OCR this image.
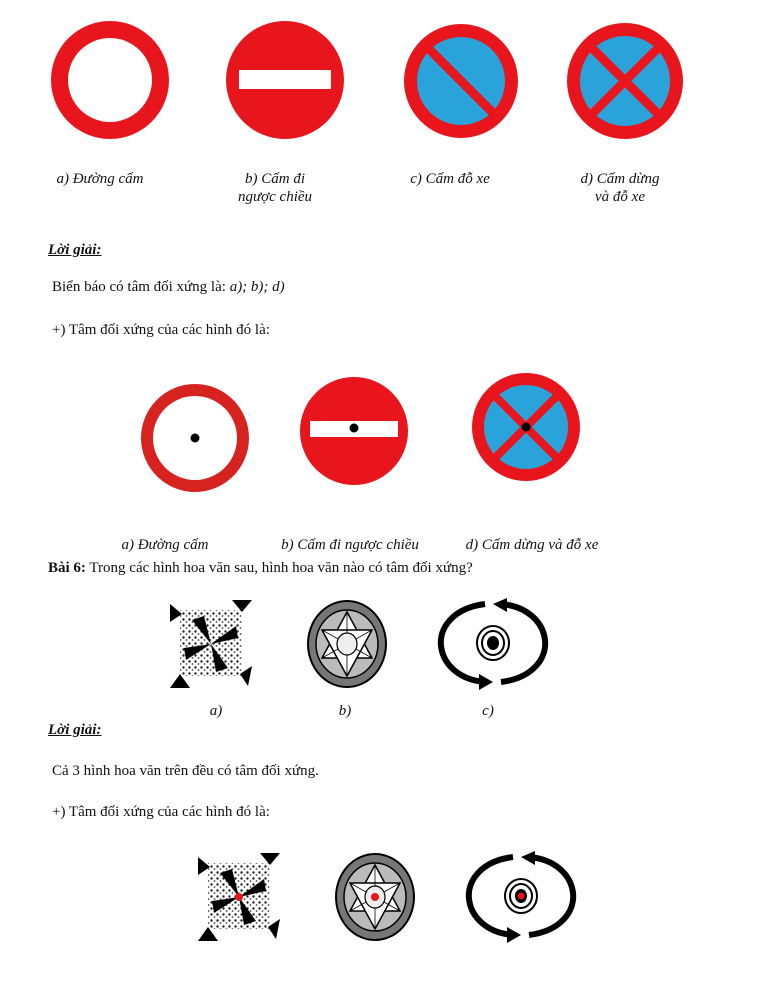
a) Đường cấm	b) Cấm đi
ngược chiều
c) Cấm đỗ xe	d) Cấm dừng
và đỗ xe
Lời giải:
Biển báo có tâm đối xứng là: a); b); d)
+) Tâm đối xứng của các hình đó là:
a) Đường cấm	b) Cấm đi ngược chiều	d) Cấm dừng và đỗ xe
Bài 6: Trong các hình hoa văn sau, hình hoa văn nào có tâm đối xứng?
a)	b)	c)
Lời giải:
Cả 3 hình hoa văn trên đều có tâm đối xứng.
+) Tâm đối xứng của các hình đó là:
